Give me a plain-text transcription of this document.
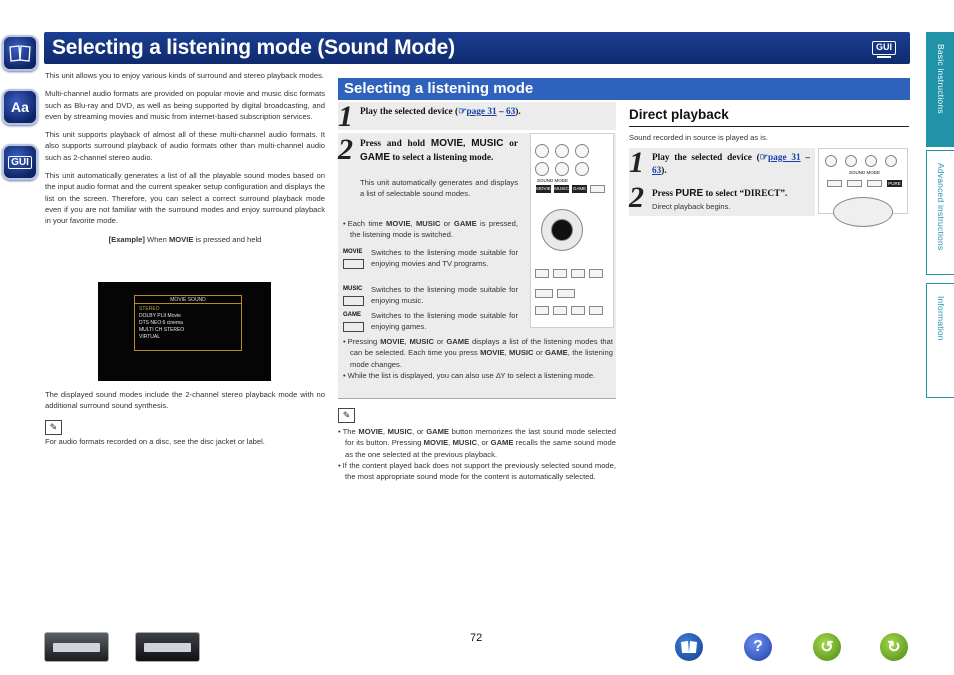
Selecting a listening mode (Sound Mode)	GUI
Aa
GUI
Basic instructions
Advanced instructions
Information

This unit allows you to enjoy various kinds of surround and stereo playback modes.

Multi-channel audio formats are provided on popular movie and music disc formats such as Blu-ray and DVD, as well as being supported by digital broadcasting, and even by streaming movies and music from internet-based subscription services.

This unit supports playback of almost all of these multi-channel audio formats. It also supports surround playback of audio formats other than multi-channel audio such as 2-channel stereo audio.

This unit automatically generates a list of all the playable sound modes based on the input audio format and the current speaker setup configuration and displays the list on the screen. Therefore, you can select a correct surround playback mode even if you are not familiar with the surround modes and enjoy surround playback in your favorite mode.

[Example] When MOVIE is pressed and held
MOVIE SOUND
STEREO
DOLBY PLII Movie
DTS NEO:6 cinema
MULTI CH STEREO
VIRTUAL
The displayed sound modes include the 2-channel stereo playback mode with no additional surround sound synthesis.
✎
For audio formats recorded on a disc, see the disc jacket or label.
Selecting a listening mode
1 Play the selected device (☞page 31 – 63).
2 Press and hold MOVIE, MUSIC or GAME to select a listening mode.
This unit automatically generates and displays a list of selectable sound modes.
SOUND MODE
MOVIE MUSIC GAME
• Each time MOVIE, MUSIC or GAME is pressed, the listening mode is switched.
MOVIE	Switches to the listening mode suitable for enjoying movies and TV programs.
MUSIC	Switches to the listening mode suitable for enjoying music.
GAME	Switches to the listening mode suitable for enjoying games.
• Pressing MOVIE, MUSIC or GAME displays a list of the listening modes that can be selected. Each time you press MOVIE, MUSIC or GAME, the listening mode changes.
• While the list is displayed, you can also use ΔΥ to select a listening mode.
✎
• The MOVIE, MUSIC, or GAME button memorizes the last sound mode selected for its button. Pressing MOVIE, MUSIC, or GAME recalls the same sound mode as the one selected at the previous playback.
• If the content played back does not support the previously selected sound mode, the most appropriate sound mode for the content is automatically selected.
Direct playback
Sound recorded in source is played as is.
1 Play the selected device (☞page 31 – 63).
2 Press PURE to select “DIRECT”.
Direct playback begins.
SOUND MODE
PURE
72	?	↺	↻
